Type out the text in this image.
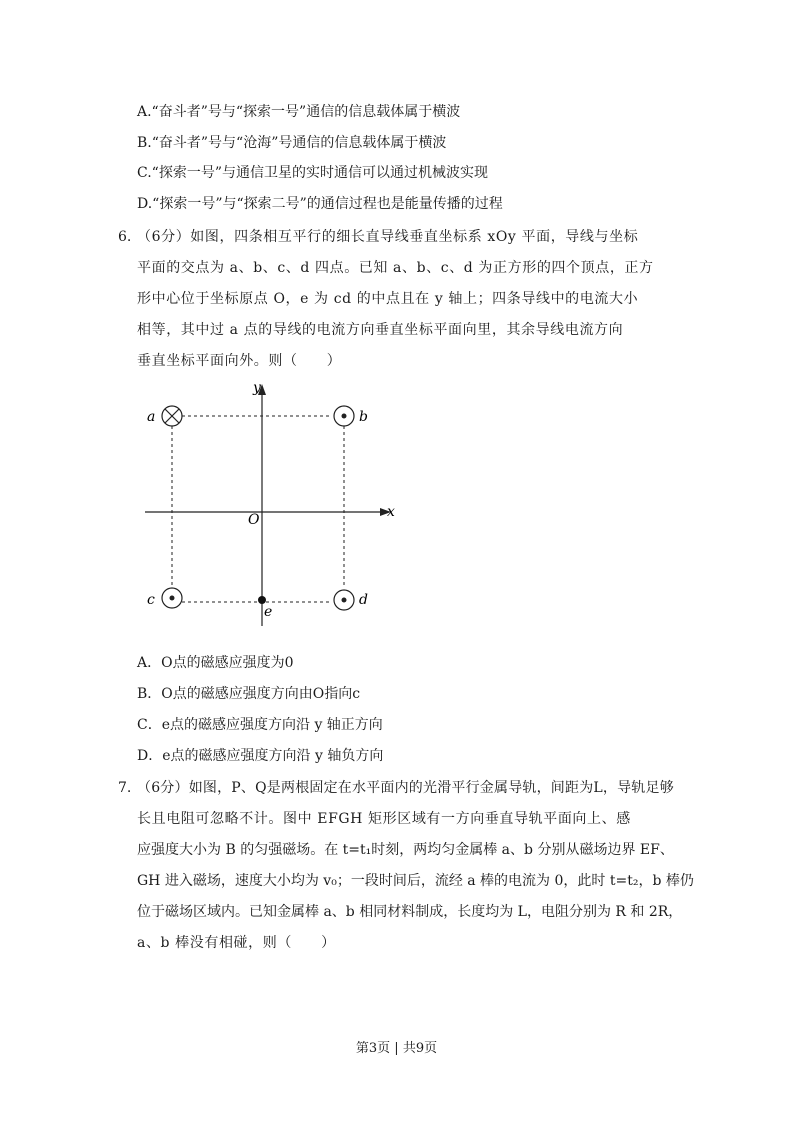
A.“奋斗者”号与“探索一号”通信的信息载体属于横波
B.“奋斗者”号与“沧海”号通信的信息载体属于横波
C.“探索一号”与通信卫星的实时通信可以通过机械波实现
D.“探索一号”与“探索二号”的通信过程也是能量传播的过程
6. （6分）如图，四条相互平行的细长直导线垂直坐标系 xOy 平面，导线与坐标
平面的交点为 a、b、c、d 四点。已知 a、b、c、d 为正方形的四个顶点，正方
形中心位于坐标原点 O，e 为 cd 的中点且在 y 轴上；四条导线中的电流大小
相等，其中过 a 点的导线的电流方向垂直坐标平面向里，其余导线电流方向
垂直坐标平面向外。则（　　）
y
x
O
a	b
c	d
e
A．O点的磁感应强度为0
B．O点的磁感应强度方向由O指向c
C．e点的磁感应强度方向沿 y 轴正方向
D．e点的磁感应强度方向沿 y 轴负方向
7. （6分）如图，P、Q是两根固定在水平面内的光滑平行金属导轨，间距为L，导轨足够
长且电阻可忽略不计。图中 EFGH 矩形区域有一方向垂直导轨平面向上、感
应强度大小为 B 的匀强磁场。在 t=t₁时刻，两均匀金属棒 a、b 分别从磁场边界 EF、
GH 进入磁场，速度大小均为 v₀；一段时间后，流经 a 棒的电流为 0，此时 t=t₂，b 棒仍
位于磁场区域内。已知金属棒 a、b 相同材料制成，长度均为 L，电阻分别为 R 和 2R，
a、b 棒没有相碰，则（　　）
第3页 | 共9页
